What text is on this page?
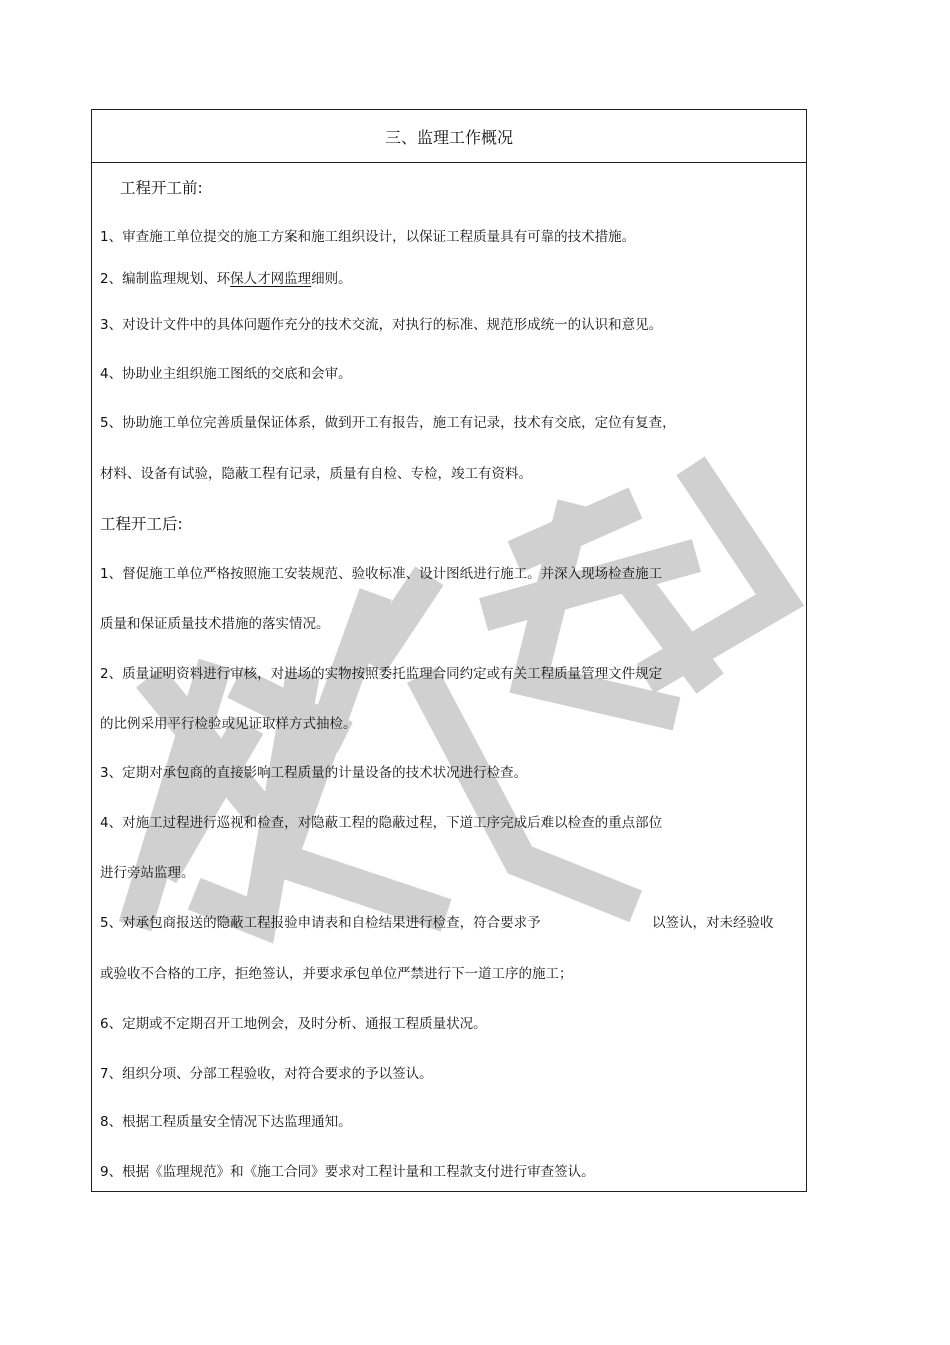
三、监理工作概况
工程开工前:
1、审查施工单位提交的施工方案和施工组织设计，以保证工程质量具有可靠的技术措施。
2、编制监理规划、环保人才网监理细则。
3、对设计文件中的具体问题作充分的技术交流，对执行的标准、规范形成统一的认识和意见。
4、协助业主组织施工图纸的交底和会审。
5、协助施工单位完善质量保证体系，做到开工有报告，施工有记录，技术有交底，定位有复查，
材料、设备有试验，隐蔽工程有记录，质量有自检、专检，竣工有资料。
工程开工后:
1、督促施工单位严格按照施工安装规范、验收标准、设计图纸进行施工。并深入现场检查施工
质量和保证质量技术措施的落实情况。
2、质量证明资料进行审核，对进场的实物按照委托监理合同约定或有关工程质量管理文件规定
的比例采用平行检验或见证取样方式抽检。
3、定期对承包商的直接影响工程质量的计量设备的技术状况进行检查。
4、对施工过程进行巡视和检查，对隐蔽工程的隐蔽过程，下道工序完成后难以检查的重点部位
进行旁站监理。
5、对承包商报送的隐蔽工程报验申请表和自检结果进行检查，符合要求予	以签认，对未经验收
或验收不合格的工序，拒绝签认，并要求承包单位严禁进行下一道工序的施工；
6、定期或不定期召开工地例会，及时分析、通报工程质量状况。
7、组织分项、分部工程验收，对符合要求的予以签认。
8、根据工程质量安全情况下达监理通知。
9、根据《监理规范》和《施工合同》要求对工程计量和工程款支付进行审查签认。
